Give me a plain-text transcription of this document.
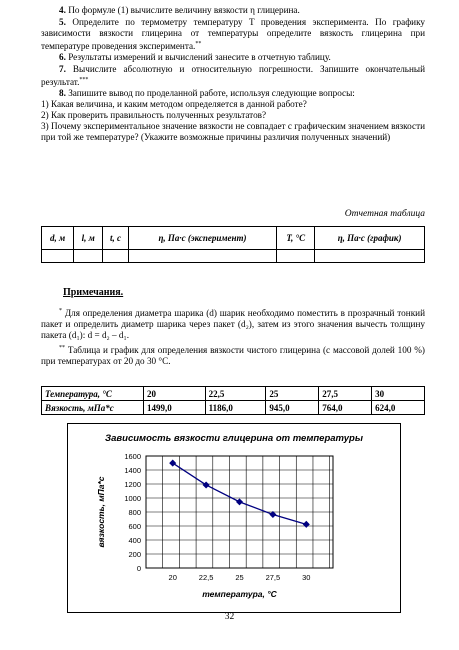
4. По формуле (1) вычислите величину вязкости η глицерина.
5. Определите по термометру температуру T проведения эксперимента. По графику зависимости вязкости глицерина от температуры определите вязкость глицерина при температуре проведения эксперимента.**
6. Результаты измерений и вычислений занесите в отчетную таблицу.
7. Вычислите абсолютную и относительную погрешности. Запишите окончательный результат.***
8. Запишите вывод по проделанной работе, используя следующие вопросы:
1) Какая величина, и каким методом определяется в данной работе?
2) Как проверить правильность полученных результатов?
3) Почему экспериментальное значение вязкости не совпадает с графическим значением вязкости при той же температуре? (Укажите возможные причины различия полученных значений)
Отчетная таблица
d, м	l, м	t, c	η, Па·с (эксперимент)	T, °C	η, Па·с (график)

Примечания.
* Для определения диаметра шарика (d) шарик необходимо поместить в прозрачный тонкий пакет и определить диаметр шарика через пакет (d₂), затем из этого значения вычесть толщину пакета (d₁): d = d₂ – d₁.
** Таблица и график для определения вязкости чистого глицерина (с массовой долей 100 %) при температурах от 20 до 30 °C.
Температура, °C	20	22,5	25	27,5	30
Вязкость, мПа*с	1499,0	1186,0	945,0	764,0	624,0
Зависимость вязкости глицерина от температуры
0
200
400
600
800
1000
1200
1400
1600
20	22,5	25	27,5	30
температура, °C
вязкость, мПа*с
32
